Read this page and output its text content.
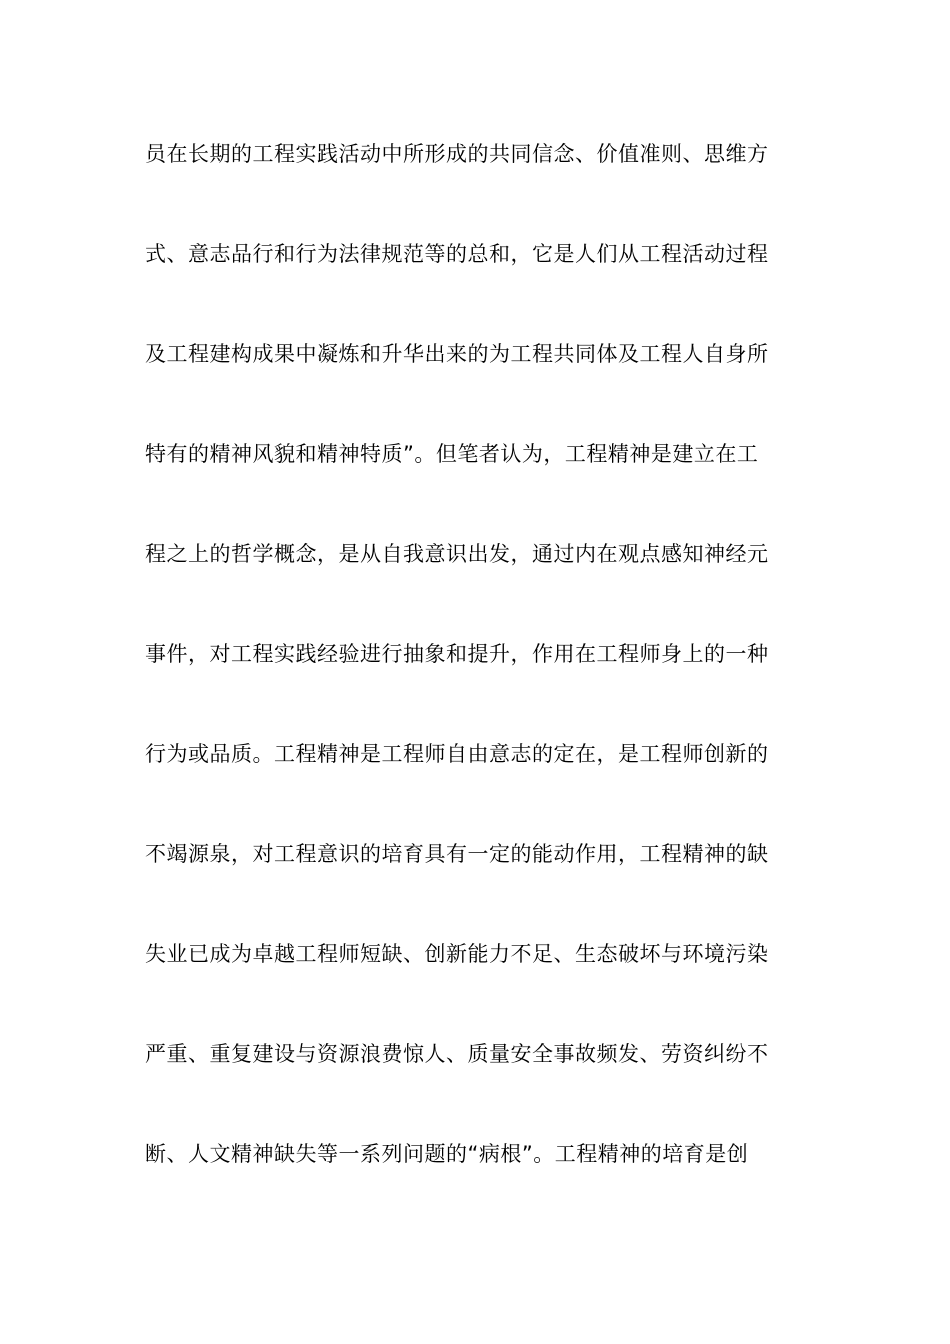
员在长期的工程实践活动中所形成的共同信念、价值准则、思维方
式、意志品行和行为法律规范等的总和，它是人们从工程活动过程
及工程建构成果中凝炼和升华出来的为工程共同体及工程人自身所
特有的精神风貌和精神特质”。但笔者认为，工程精神是建立在工
程之上的哲学概念，是从自我意识出发，通过内在观点感知神经元
事件，对工程实践经验进行抽象和提升，作用在工程师身上的一种
行为或品质。工程精神是工程师自由意志的定在，是工程师创新的
不竭源泉，对工程意识的培育具有一定的能动作用，工程精神的缺
失业已成为卓越工程师短缺、创新能力不足、生态破坏与环境污染
严重、重复建设与资源浪费惊人、质量安全事故频发、劳资纠纷不
断、人文精神缺失等一系列问题的“病根”。工程精神的培育是创
